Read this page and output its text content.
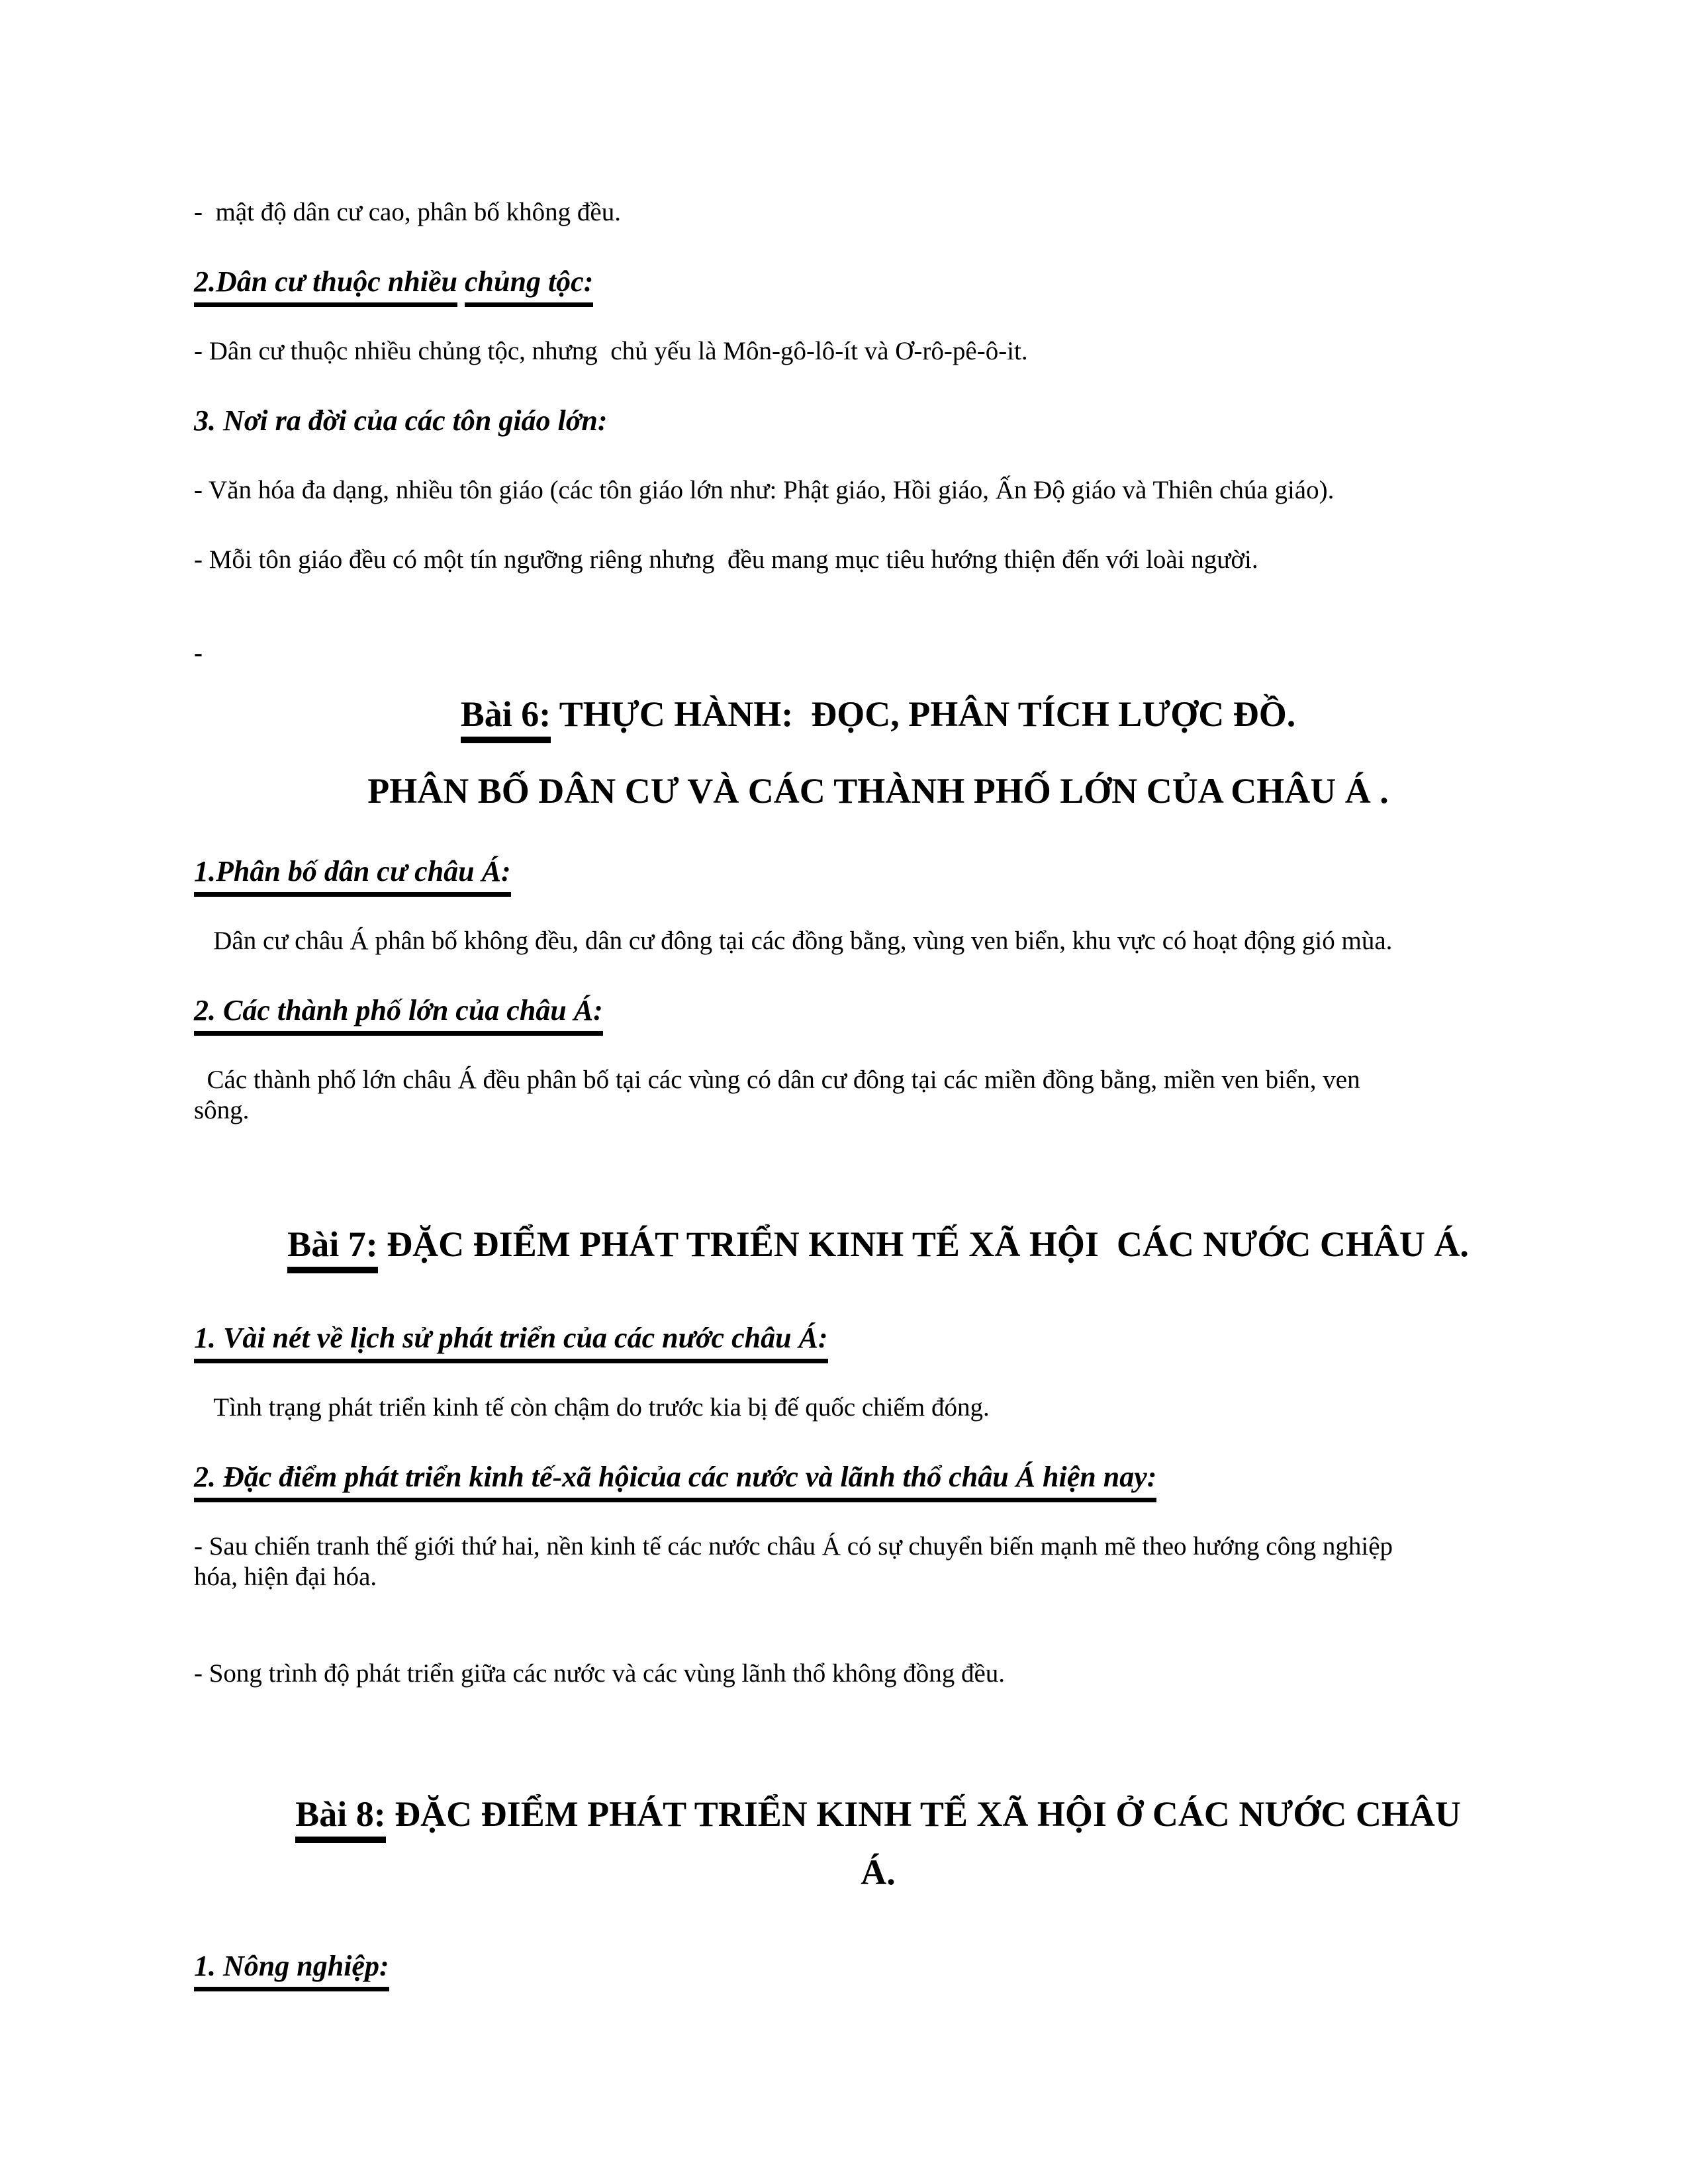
-  mật độ dân cư cao, phân bố không đều.

2.Dân cư thuộc nhiều chủng tộc:

- Dân cư thuộc nhiều chủng tộc, nhưng  chủ yếu là Môn-gô-lô-ít và Ơ-rô-pê-ô-it.

3. Nơi ra đời của các tôn giáo lớn:

- Văn hóa đa dạng, nhiều tôn giáo (các tôn giáo lớn như: Phật giáo, Hồi giáo, Ấn Độ giáo và Thiên chúa giáo).

- Mỗi tôn giáo đều có một tín ngưỡng riêng nhưng  đều mang mục tiêu hướng thiện đến với loài người.

-

Bài 6: THỰC HÀNH:  ĐỌC, PHÂN TÍCH LƯỢC ĐỒ.

PHÂN BỐ DÂN CƯ VÀ CÁC THÀNH PHỐ LỚN CỦA CHÂU Á .

1.Phân bố dân cư châu Á:

Dân cư châu Á phân bố không đều, dân cư đông tại các đồng bằng, vùng ven biển, khu vực có hoạt động gió mùa.

2. Các thành phố lớn của châu Á:

Các thành phố lớn châu Á đều phân bố tại các vùng có dân cư đông tại các miền đồng bằng, miền ven biển, ven
sông.

Bài 7: ĐẶC ĐIỂM PHÁT TRIỂN KINH TẾ XÃ HỘI  CÁC NƯỚC CHÂU Á.

1. Vài nét về lịch sử phát triển của các nước châu Á:

Tình trạng phát triển kinh tế còn chậm do trước kia bị đế quốc chiếm đóng.

2. Đặc điểm phát triển kinh tế-xã hộicủa các nước và lãnh thổ châu Á hiện nay:

- Sau chiến tranh thế giới thứ hai, nền kinh tế các nước châu Á có sự chuyển biến mạnh mẽ theo hướng công nghiệp
hóa, hiện đại hóa.

- Song trình độ phát triển giữa các nước và các vùng lãnh thổ không đồng đều.

Bài 8: ĐẶC ĐIỂM PHÁT TRIỂN KINH TẾ XÃ HỘI Ở CÁC NƯỚC CHÂU
Á.

1. Nông nghiệp:
